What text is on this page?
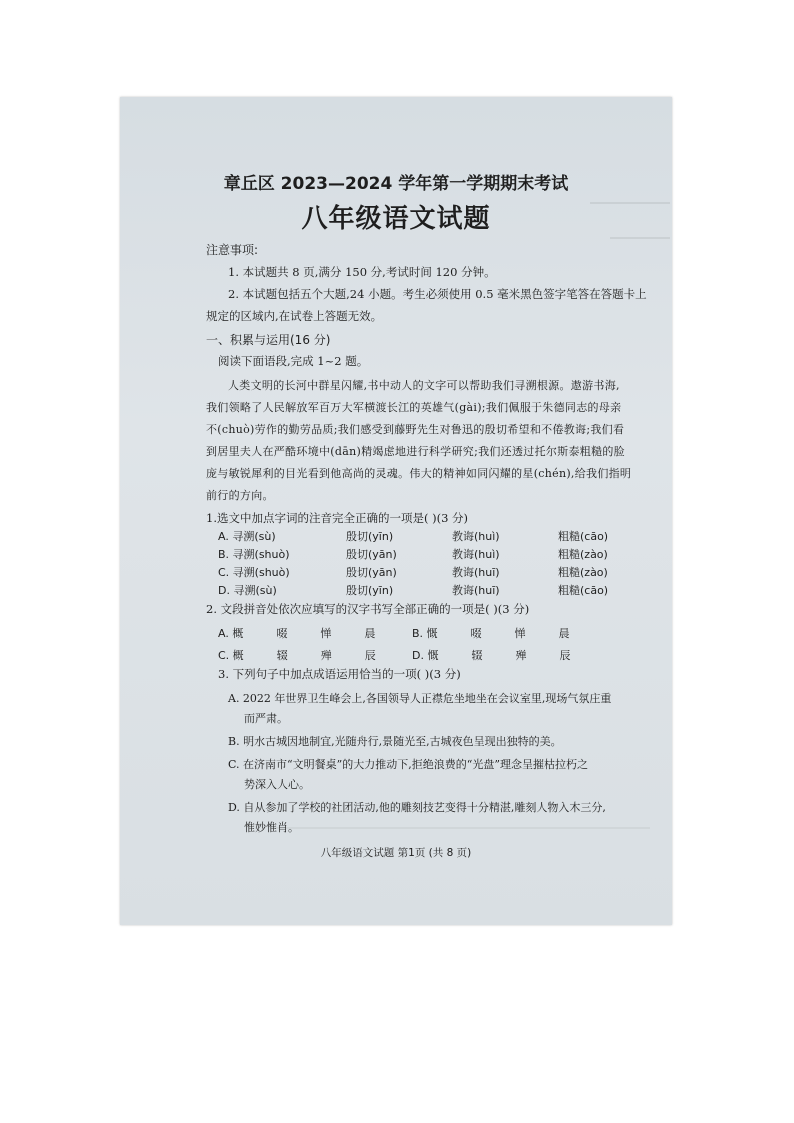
章丘区 2023—2024 学年第一学期期末考试
八年级语文试题
注意事项:
1. 本试题共 8 页,满分 150 分,考试时间 120 分钟。
2. 本试题包括五个大题,24 小题。考生必须使用 0.5 毫米黑色签字笔答在答题卡上
规定的区域内,在试卷上答题无效。
一、积累与运用(16 分)
阅读下面语段,完成 1~2 题。
人类文明的长河中群星闪耀,书中动人的文字可以帮助我们寻溯根源。遨游书海,
我们领略了人民解放军百万大军横渡长江的英雄气(gài);我们佩服于朱德同志的母亲
不(chuò)劳作的勤劳品质;我们感受到藤野先生对鲁迅的殷切希望和不倦教诲;我们看
到居里夫人在严酷环境中(dān)精竭虑地进行科学研究;我们还透过托尔斯泰粗糙的脸
庞与敏锐犀利的目光看到他高尚的灵魂。伟大的精神如同闪耀的星(chén),给我们指明
前行的方向。
1.选文中加点字词的注音完全正确的一项是( )(3 分)
A. 寻溯(sù)	殷切(yīn)	教诲(huì)	粗糙(cāo)
B. 寻溯(shuò)	殷切(yān)	教诲(huì)	粗糙(zào)
C. 寻溯(shuò)	殷切(yān)	教诲(huī)	粗糙(zào)
D. 寻溯(sù)	殷切(yīn)	教诲(huī)	粗糙(cāo)
2. 文段拼音处依次应填写的汉字书写全部正确的一项是( )(3 分)
A. 概	啜	惮	晨	B. 慨	啜	惮	晨
C. 概	辍	殚	辰	D. 慨	辍	殚	辰
3. 下列句子中加点成语运用恰当的一项( )(3 分)
A. 2022 年世界卫生峰会上,各国领导人正襟危坐地坐在会议室里,现场气氛庄重
而严肃。
B. 明水古城因地制宜,光随舟行,景随光至,古城夜色呈现出独特的美。
C. 在济南市“文明餐桌”的大力推动下,拒绝浪费的“光盘”理念呈摧枯拉朽之
势深入人心。
D. 自从参加了学校的社团活动,他的雕刻技艺变得十分精湛,雕刻人物入木三分,
惟妙惟肖。
八年级语文试题 第1页 (共 8 页)
